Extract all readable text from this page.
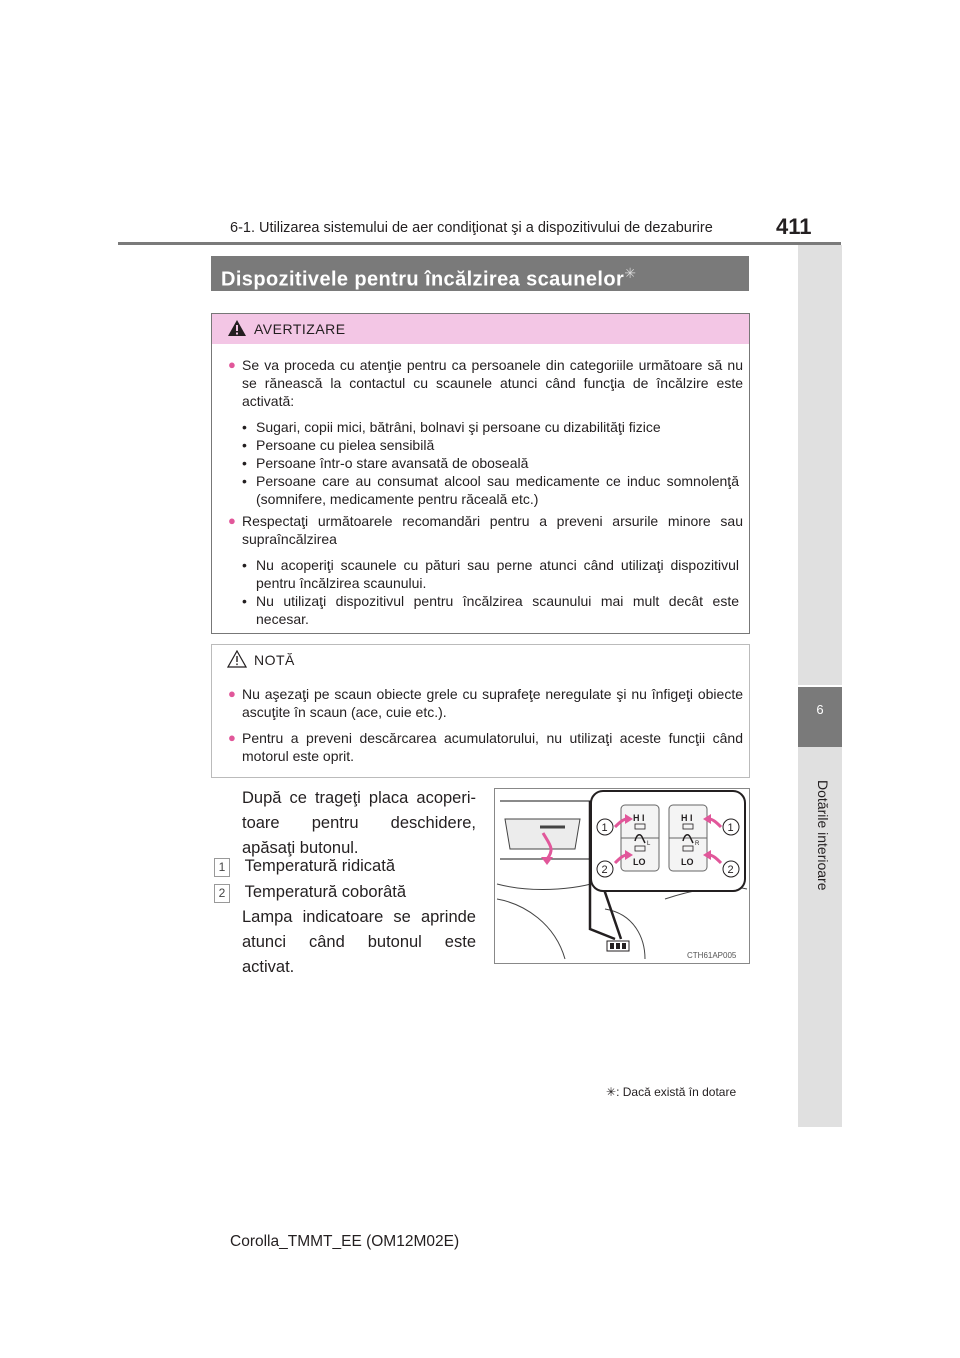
6-1. Utilizarea sistemului de aer condiţionat şi a dispozitivului de dezaburire	411
6
Dotările interioare
Dispozitivele pentru încălzirea scaunelor✳
AVERTIZARE
● Se va proceda cu atenţie pentru ca persoanele din categoriile următoare să nu se rănească la contactul cu scaunele atunci când funcţia de încălzire este activată:
• Sugari, copii mici, bătrâni, bolnavi şi persoane cu dizabilităţi fizice
• Persoane cu pielea sensibilă
• Persoane într-o stare avansată de oboseală
• Persoane care au consumat alcool sau medicamente ce induc somnolenţă (somnifere, medicamente pentru răceală etc.)
● Respectaţi următoarele recomandări pentru a preveni arsurile minore sau supraîncălzirea
• Nu acoperiţi scaunele cu pături sau perne atunci când utilizaţi dispozitivul pentru încălzirea scaunului.
• Nu utilizaţi dispozitivul pentru încălzirea scaunului mai mult decât este necesar.
NOTĂ
● Nu aşezaţi pe scaun obiecte grele cu suprafeţe neregulate şi nu înfigeţi obiecte ascuţite în scaun (ace, cuie etc.).
● Pentru a preveni descărcarea acumulatorului, nu utilizaţi aceste funcţii când motorul este oprit.
După ce trageţi placa acoperi-toare pentru deschidere, apăsaţi butonul.
1 Temperatură ridicată
2 Temperatură coborâtă
Lampa indicatoare se aprinde atunci când butonul este activat.
H I
LO
L
H I
LO
R
1
2
1
2
CTH61AP005
✳: Dacă există în dotare
Corolla_TMMT_EE (OM12M02E)
